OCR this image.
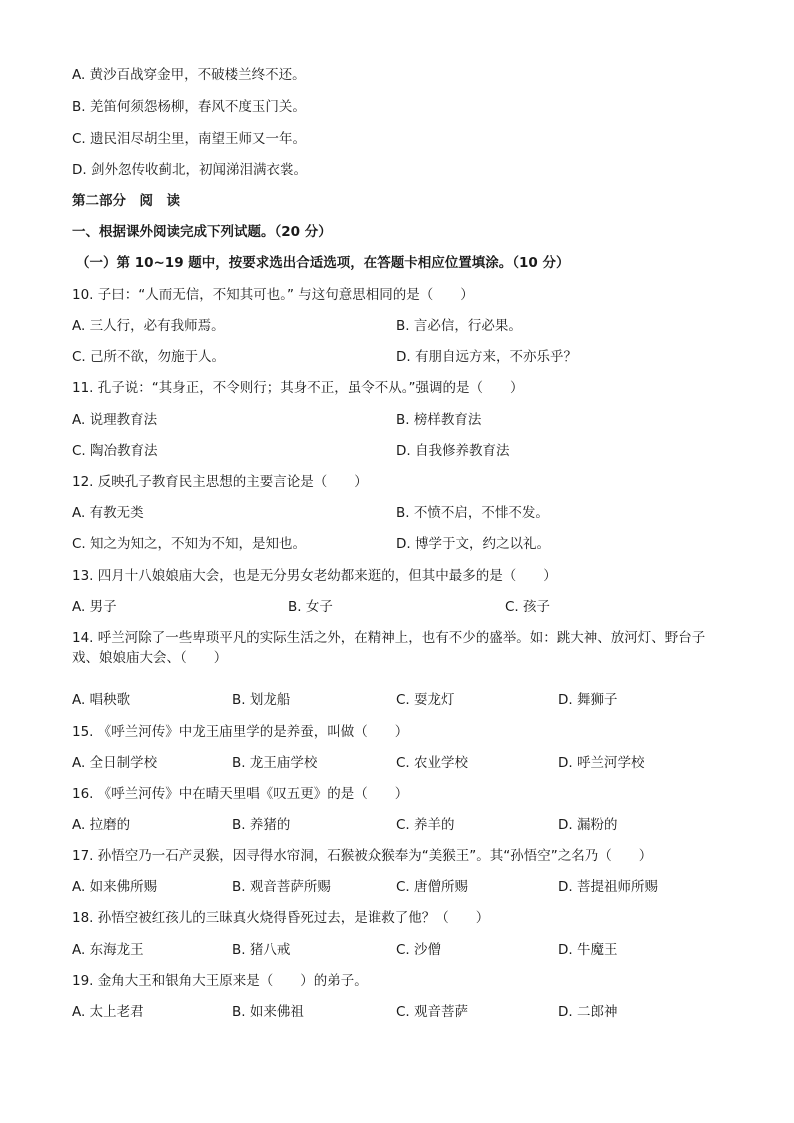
A. 黄沙百战穿金甲，不破楼兰终不还。
B. 羌笛何须怨杨柳，春风不度玉门关。
C. 遗民泪尽胡尘里，南望王师又一年。
D. 剑外忽传收蓟北，初闻涕泪满衣裳。
第二部分　阅　读
一、根据课外阅读完成下列试题。（20 分）
（一）第 10~19 题中，按要求选出合适选项，在答题卡相应位置填涂。（10 分）
10. 子曰：“人而无信，不知其可也。” 与这句意思相同的是（　　）
A. 三人行，必有我师焉。	B. 言必信，行必果。
C. 己所不欲，勿施于人。	D. 有朋自远方来，不亦乐乎？
11. 孔子说：“其身正，不令则行；其身不正，虽令不从。”强调的是（　　）
A. 说理教育法	B. 榜样教育法
C. 陶冶教育法	D. 自我修养教育法
12. 反映孔子教育民主思想的主要言论是（　　）
A. 有教无类	B. 不愤不启，不悱不发。
C. 知之为知之，不知为不知，是知也。	D. 博学于文，约之以礼。
13. 四月十八娘娘庙大会，也是无分男女老幼都来逛的，但其中最多的是（　　）
A. 男子	B. 女子	C. 孩子
14. 呼兰河除了一些卑琐平凡的实际生活之外，在精神上，也有不少的盛举。如：跳大神、放河灯、野台子戏、娘娘庙大会、（　　）
A. 唱秧歌	B. 划龙船	C. 耍龙灯	D. 舞狮子
15. 《呼兰河传》中龙王庙里学的是养蚕，叫做（　　）
A. 全日制学校	B. 龙王庙学校	C. 农业学校	D. 呼兰河学校
16. 《呼兰河传》中在晴天里唱《叹五更》的是（　　）
A. 拉磨的	B. 养猪的	C. 养羊的	D. 漏粉的
17. 孙悟空乃一石产灵猴，因寻得水帘洞，石猴被众猴奉为“美猴王”。其“孙悟空”之名乃（　　）
A. 如来佛所赐	B. 观音菩萨所赐	C. 唐僧所赐	D. 菩提祖师所赐
18. 孙悟空被红孩儿的三昧真火烧得昏死过去，是谁救了他？（　　）
A. 东海龙王	B. 猪八戒	C. 沙僧	D. 牛魔王
19. 金角大王和银角大王原来是（　　）的弟子。
A. 太上老君	B. 如来佛祖	C. 观音菩萨	D. 二郎神
